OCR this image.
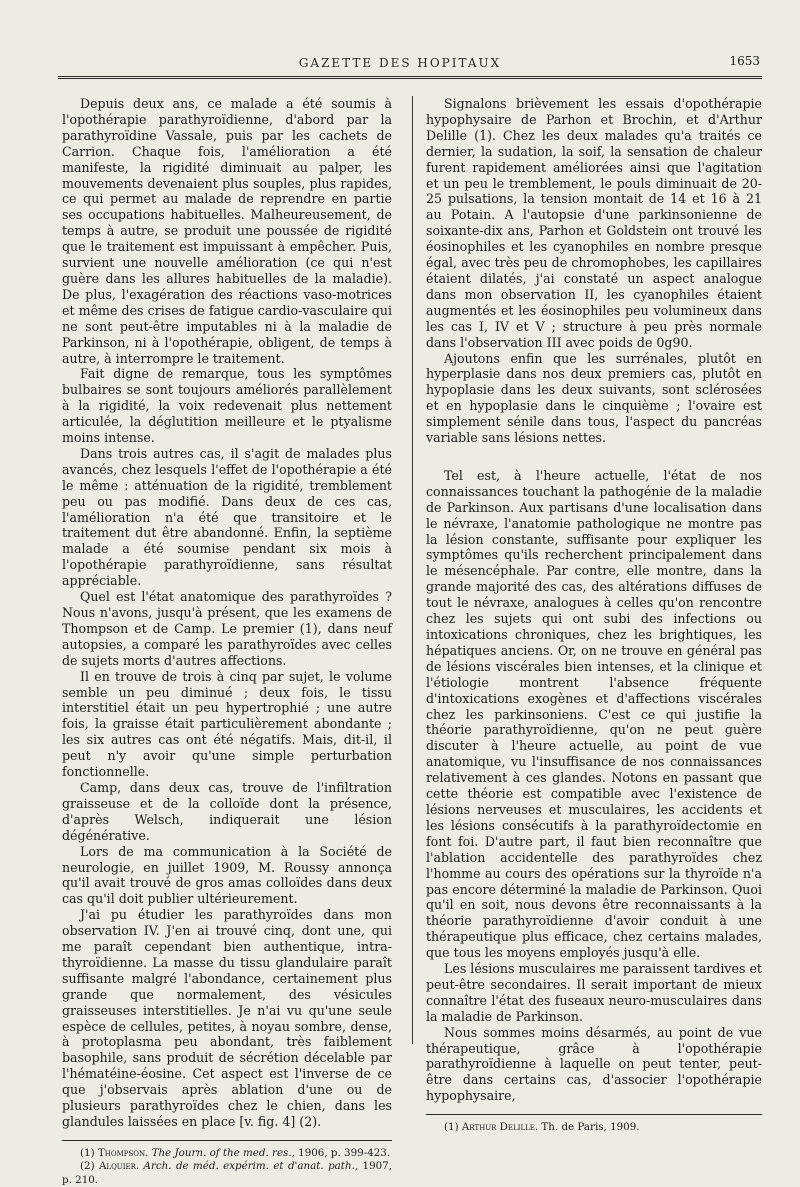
GAZETTE DES HOPITAUX	1653

Depuis deux ans, ce malade a été soumis à l'opothérapie parathyroïdienne, d'abord par la parathyroïdine Vassale, puis par les cachets de Carrion. Chaque fois, l'amélioration a été manifeste, la rigidité diminuait au palper, les mouvements devenaient plus souples, plus rapides, ce qui permet au malade de reprendre en partie ses occupations habituelles. Malheureusement, de temps à autre, se produit une poussée de rigidité que le traitement est impuissant à empêcher. Puis, survient une nouvelle amélioration (ce qui n'est guère dans les allures habituelles de la maladie). De plus, l'exagération des réactions vaso-motrices et même des crises de fatigue cardio-vasculaire qui ne sont peut-être imputables ni à la maladie de Parkinson, ni à l'opothérapie, obligent, de temps à autre, à interrompre le traitement.

Fait digne de remarque, tous les symptômes bulbaires se sont toujours améliorés parallèlement à la rigidité, la voix redevenait plus nettement articulée, la déglutition meilleure et le ptyalisme moins intense.

Dans trois autres cas, il s'agit de malades plus avancés, chez lesquels l'effet de l'opothérapie a été le même : atténuation de la rigidité, tremblement peu ou pas modifié. Dans deux de ces cas, l'amélioration n'a été que transitoire et le traitement dut être abandonné. Enfin, la septième malade a été soumise pendant six mois à l'opothérapie parathyroïdienne, sans résultat appréciable.

Quel est l'état anatomique des parathyroïdes ? Nous n'avons, jusqu'à présent, que les examens de Thompson et de Camp. Le premier (1), dans neuf autopsies, a comparé les parathyroïdes avec celles de sujets morts d'autres affections.

Il en trouve de trois à cinq par sujet, le volume semble un peu diminué ; deux fois, le tissu interstitiel était un peu hypertrophié ; une autre fois, la graisse était particulièrement abondante ; les six autres cas ont été négatifs. Mais, dit-il, il peut n'y avoir qu'une simple perturbation fonctionnelle.

Camp, dans deux cas, trouve de l'infiltration graisseuse et de la colloïde dont la présence, d'après Welsch, indiquerait une lésion dégénérative.

Lors de ma communication à la Société de neurologie, en juillet 1909, M. Roussy annonça qu'il avait trouvé de gros amas colloïdes dans deux cas qu'il doit publier ultérieurement.

J'ai pu étudier les parathyroïdes dans mon observation IV. J'en ai trouvé cinq, dont une, qui me paraît cependant bien authentique, intra-thyroïdienne. La masse du tissu glandulaire paraît suffisante malgré l'abondance, certainement plus grande que normalement, des vésicules graisseuses interstitielles. Je n'ai vu qu'une seule espèce de cellules, petites, à noyau sombre, dense, à protoplasma peu abondant, très faiblement basophile, sans produit de sécrétion décelable par l'hématéine-éosine. Cet aspect est l'inverse de ce que j'observais après ablation d'une ou de plusieurs parathyroïdes chez le chien, dans les glandules laissées en place [v. fig. 4] (2).

(1) Thompson. The Journ. of the med. res., 1906, p. 399-423.

(2) Alquier. Arch. de méd. expérim. et d'anat. path., 1907, p. 210.

Signalons brièvement les essais d'opothérapie hypophysaire de Parhon et Brochin, et d'Arthur Delille (1). Chez les deux malades qu'a traités ce dernier, la sudation, la soif, la sensation de chaleur furent rapidement améliorées ainsi que l'agitation et un peu le tremblement, le pouls diminuait de 20-25 pulsations, la tension montait de 14 et 16 à 21 au Potain. A l'autopsie d'une parkinsonienne de soixante-dix ans, Parhon et Goldstein ont trouvé les éosinophiles et les cyanophiles en nombre presque égal, avec très peu de chromophobes, les capillaires étaient dilatés, j'ai constaté un aspect analogue dans mon observation II, les cyanophiles étaient augmentés et les éosinophiles peu volumineux dans les cas I, IV et V ; structure à peu près normale dans l'observation III avec poids de 0g90.

Ajoutons enfin que les surrénales, plutôt en hyperplasie dans nos deux premiers cas, plutôt en hypoplasie dans les deux suivants, sont sclérosées et en hypoplasie dans le cinquième ; l'ovaire est simplement sénile dans tous, l'aspect du pancréas variable sans lésions nettes.

Tel est, à l'heure actuelle, l'état de nos connaissances touchant la pathogénie de la maladie de Parkinson. Aux partisans d'une localisation dans le névraxe, l'anatomie pathologique ne montre pas la lésion constante, suffisante pour expliquer les symptômes qu'ils recherchent principalement dans le mésencéphale. Par contre, elle montre, dans la grande majorité des cas, des altérations diffuses de tout le névraxe, analogues à celles qu'on rencontre chez les sujets qui ont subi des infections ou intoxications chroniques, chez les brightiques, les hépatiques anciens. Or, on ne trouve en général pas de lésions viscérales bien intenses, et la clinique et l'étiologie montrent l'absence fréquente d'intoxications exogènes et d'affections viscérales chez les parkinsoniens. C'est ce qui justifie la théorie parathyroïdienne, qu'on ne peut guère discuter à l'heure actuelle, au point de vue anatomique, vu l'insuffisance de nos connaissances relativement à ces glandes. Notons en passant que cette théorie est compatible avec l'existence de lésions nerveuses et musculaires, les accidents et les lésions consécutifs à la parathyroïdectomie en font foi. D'autre part, il faut bien reconnaître que l'ablation accidentelle des parathyroïdes chez l'homme au cours des opérations sur la thyroïde n'a pas encore déterminé la maladie de Parkinson. Quoi qu'il en soit, nous devons être reconnaissants à la théorie parathyroïdienne d'avoir conduit à une thérapeutique plus efficace, chez certains malades, que tous les moyens employés jusqu'à elle.

Les lésions musculaires me paraissent tardives et peut-être secondaires. Il serait important de mieux connaître l'état des fuseaux neuro-musculaires dans la maladie de Parkinson.

Nous sommes moins désarmés, au point de vue thérapeutique, grâce à l'opothérapie parathyroïdienne à laquelle on peut tenter, peut-être dans certains cas, d'associer l'opothérapie hypophysaire,

(1) Arthur Delille. Th. de Paris, 1909.
